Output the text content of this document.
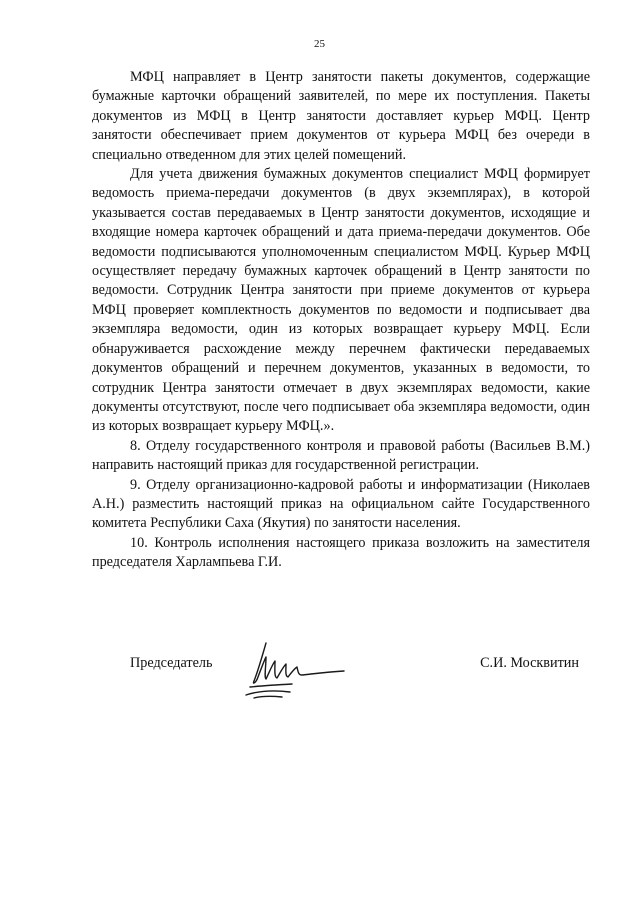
25

МФЦ направляет в Центр занятости пакеты документов, содержащие бумажные карточки обращений заявителей, по мере их поступления. Пакеты документов из МФЦ в Центр занятости доставляет курьер МФЦ. Центр занятости обеспечивает прием документов от курьера МФЦ без очереди в специально отведенном для этих целей помещений.

Для учета движения бумажных документов специалист МФЦ формирует ведомость приема-передачи документов (в двух экземплярах), в которой указывается состав передаваемых в Центр занятости документов, исходящие и входящие номера карточек обращений и дата приема-передачи документов. Обе ведомости подписываются уполномоченным специалистом МФЦ. Курьер МФЦ осуществляет передачу бумажных карточек обращений в Центр занятости по ведомости. Сотрудник Центра занятости при приеме документов от курьера МФЦ проверяет комплектность документов по ведомости и подписывает два экземпляра ведомости, один из которых возвращает курьеру МФЦ. Если обнаруживается расхождение между перечнем фактически передаваемых документов обращений и перечнем документов, указанных в ведомости, то сотрудник Центра занятости отмечает в двух экземплярах ведомости, какие документы отсутствуют, после чего подписывает оба экземпляра ведомости, один из которых возвращает курьеру МФЦ.».

8. Отделу государственного контроля и правовой работы (Васильев В.М.) направить настоящий приказ для государственной регистрации.

9. Отделу организационно-кадровой работы и информатизации (Николаев А.Н.) разместить настоящий приказ на официальном сайте Государственного комитета Республики Саха (Якутия) по занятости населения.

10. Контроль исполнения настоящего приказа возложить на заместителя председателя Харлампьева Г.И.

Председатель	С.И. Москвитин
